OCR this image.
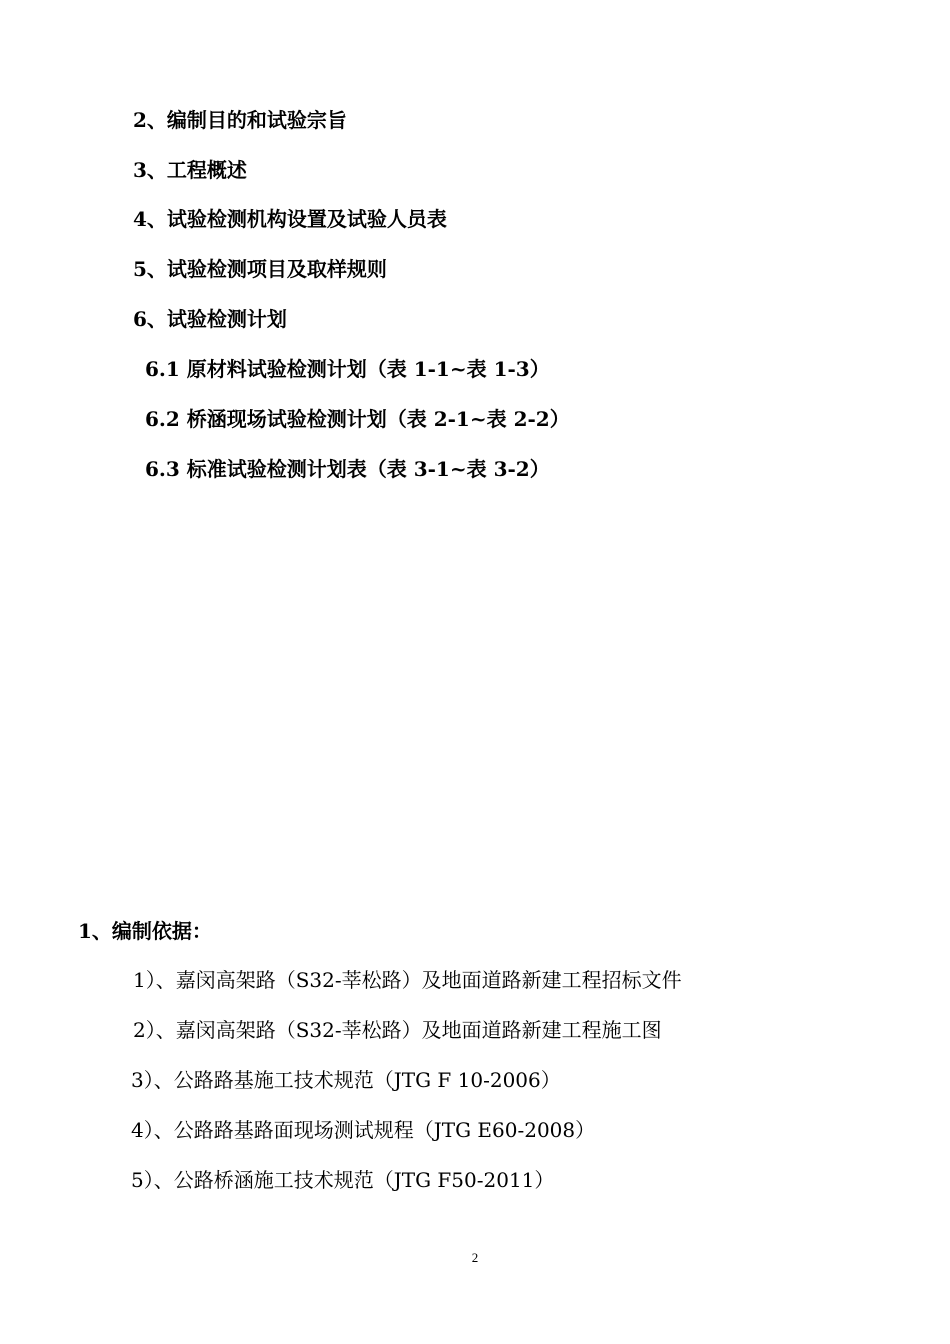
2、编制目的和试验宗旨
3、工程概述
4、试验检测机构设置及试验人员表
5、试验检测项目及取样规则
6、试验检测计划
6.1 原材料试验检测计划（表 1-1~表 1-3）
6.2 桥涵现场试验检测计划（表 2-1~表 2-2）
6.3 标准试验检测计划表（表 3-1~表 3-2）
1、编制依据：
1）、嘉闵高架路（S32-莘松路）及地面道路新建工程招标文件
2）、嘉闵高架路（S32-莘松路）及地面道路新建工程施工图
3）、公路路基施工技术规范（JTG F 10-2006）
4）、公路路基路面现场测试规程（JTG E60-2008）
5）、公路桥涵施工技术规范（JTG F50-2011）
2
